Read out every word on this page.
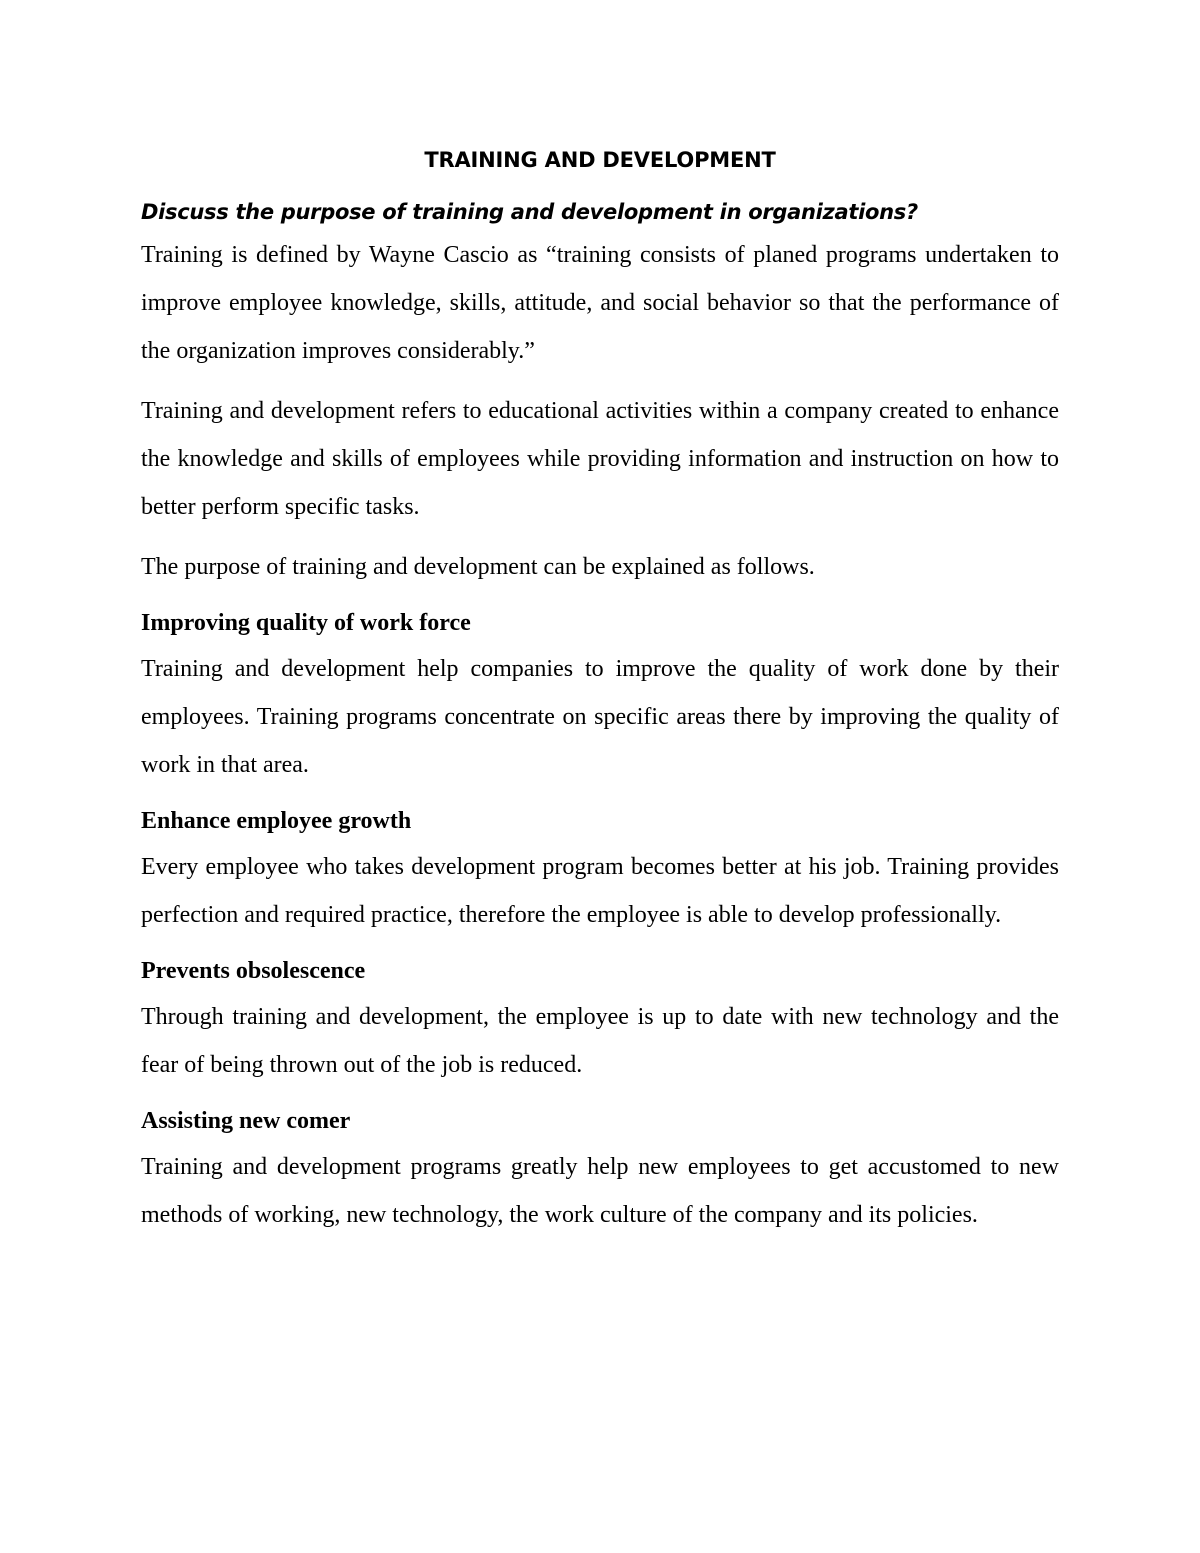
TRAINING AND DEVELOPMENT

Discuss the purpose of training and development in organizations?

Training is defined by Wayne Cascio as “training consists of planed programs undertaken to improve employee knowledge, skills, attitude, and social behavior so that the performance of the organization improves considerably.”

Training and development refers to educational activities within a company created to enhance the knowledge and skills of employees while providing information and instruction on how to better perform specific tasks.

The purpose of training and development can be explained as follows.

Improving quality of work force

Training and development help companies to improve the quality of work done by their employees. Training programs concentrate on specific areas there by improving the quality of work in that area.

Enhance employee growth

Every employee who takes development program becomes better at his job. Training provides perfection and required practice, therefore the employee is able to develop professionally.

Prevents obsolescence

Through training and development, the employee is up to date with new technology and the fear of being thrown out of the job is reduced.

Assisting new comer

Training and development programs greatly help new employees to get accustomed to new methods of working, new technology, the work culture of the company and its policies.
